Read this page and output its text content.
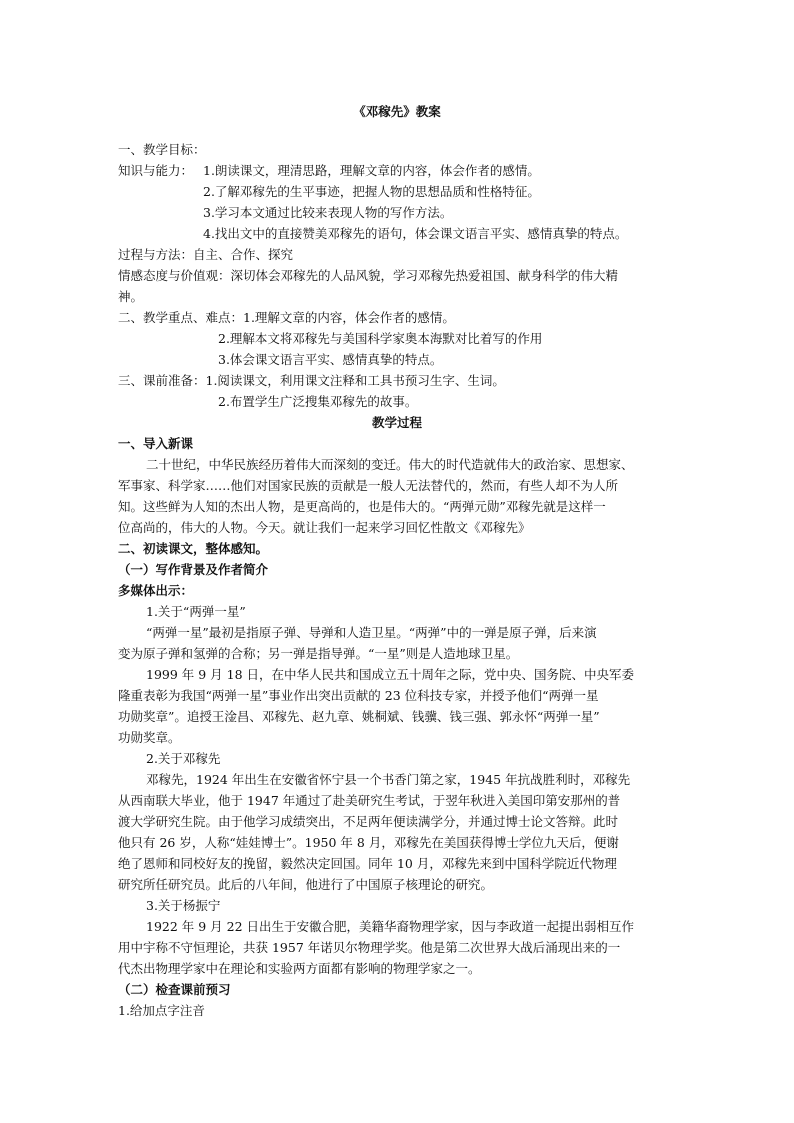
《邓稼先》教案
一、教学目标：
知识与能力： 1.朗读课文，理清思路，理解文章的内容，体会作者的感情。
2.了解邓稼先的生平事迹，把握人物的思想品质和性格特征。
3.学习本文通过比较来表现人物的写作方法。
4.找出文中的直接赞美邓稼先的语句，体会课文语言平实、感情真挚的特点。
过程与方法：自主、合作、探究
情感态度与价值观：深切体会邓稼先的人品风貌，学习邓稼先热爱祖国、献身科学的伟大精
神。
二、教学重点、难点：1.理解文章的内容，体会作者的感情。
2.理解本文将邓稼先与美国科学家奥本海默对比着写的作用
3.体会课文语言平实、感情真挚的特点。
三、课前准备：1.阅读课文，利用课文注释和工具书预习生字、生词。
2.布置学生广泛搜集邓稼先的故事。
教学过程
一、导入新课
二十世纪，中华民族经历着伟大而深刻的变迁。伟大的时代造就伟大的政治家、思想家、
军事家、科学家……他们对国家民族的贡献是一般人无法替代的，然而，有些人却不为人所
知。这些鲜为人知的杰出人物，是更高尚的，也是伟大的。“两弹元勋”邓稼先就是这样一
位高尚的，伟大的人物。今天。就让我们一起来学习回忆性散文《邓稼先》
二、初读课文，整体感知。
（一）写作背景及作者简介
多媒体出示：
1.关于“两弹一星”
“两弹一星”最初是指原子弹、导弹和人造卫星。“两弹”中的一弹是原子弹，后来演
变为原子弹和氢弹的合称；另一弹是指导弹。“一星”则是人造地球卫星。
1999 年 9 月 18 日，在中华人民共和国成立五十周年之际，党中央、国务院、中央军委
隆重表彰为我国“两弹一星”事业作出突出贡献的 23 位科技专家，并授予他们“两弹一星
功勋奖章”。追授王淦昌、邓稼先、赵九章、姚桐斌、钱骥、钱三强、郭永怀“两弹一星”
功勋奖章。
2.关于邓稼先
邓稼先，1924 年出生在安徽省怀宁县一个书香门第之家，1945 年抗战胜利时，邓稼先
从西南联大毕业，他于 1947 年通过了赴美研究生考试，于翌年秋进入美国印第安那州的普
渡大学研究生院。由于他学习成绩突出，不足两年便读满学分，并通过博士论文答辩。此时
他只有 26 岁，人称“娃娃博士”。1950 年 8 月，邓稼先在美国获得博士学位九天后，便谢
绝了恩师和同校好友的挽留，毅然决定回国。同年 10 月，邓稼先来到中国科学院近代物理
研究所任研究员。此后的八年间，他进行了中国原子核理论的研究。
3.关于杨振宁
1922 年 9 月 22 日出生于安徽合肥，美籍华裔物理学家，因与李政道一起提出弱相互作
用中宇称不守恒理论，共获 1957 年诺贝尔物理学奖。他是第二次世界大战后涌现出来的一
代杰出物理学家中在理论和实验两方面都有影响的物理学家之一。
（二）检查课前预习
1.给加点字注音
